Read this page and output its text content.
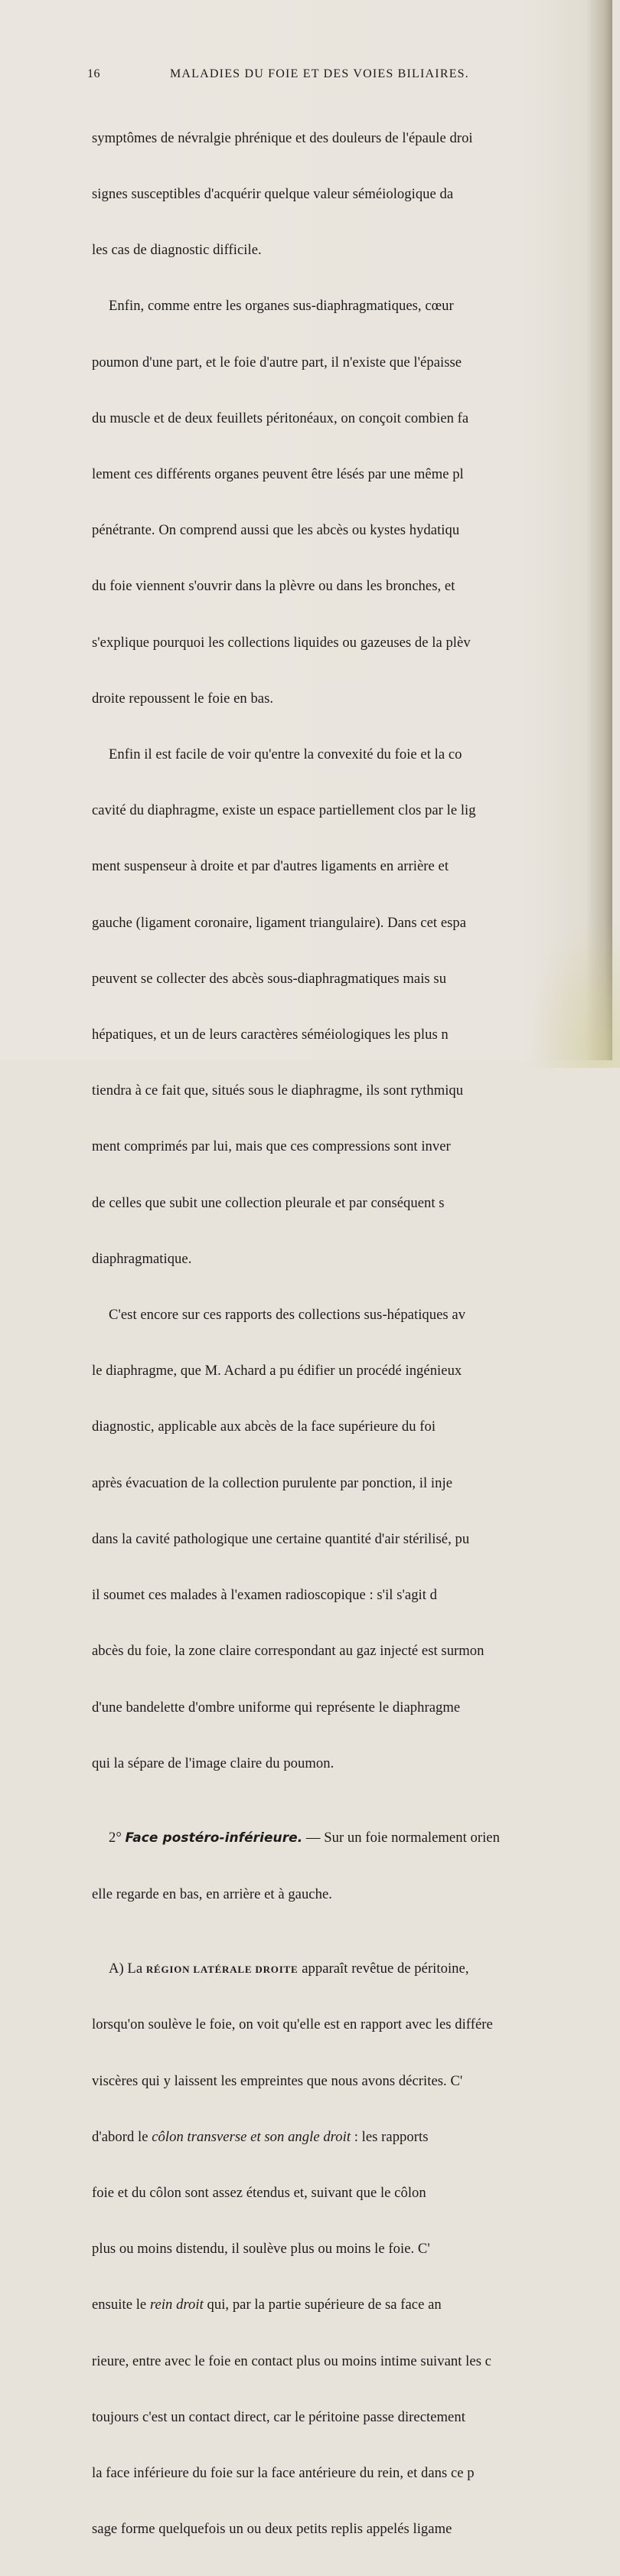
16	MALADIES DU FOIE ET DES VOIES BILIAIRES.

symptômes de névralgie phrénique et des douleurs de l'épaule droi

signes susceptibles d'acquérir quelque valeur séméiologique da

les cas de diagnostic difficile.

Enfin, comme entre les organes sus-diaphragmatiques, cœur

poumon d'une part, et le foie d'autre part, il n'existe que l'épaisse

du muscle et de deux feuillets péritonéaux, on conçoit combien fa

lement ces différents organes peuvent être lésés par une même pl

pénétrante. On comprend aussi que les abcès ou kystes hydatiqu

du foie viennent s'ouvrir dans la plèvre ou dans les bronches, et

s'explique pourquoi les collections liquides ou gazeuses de la plèv

droite repoussent le foie en bas.

Enfin il est facile de voir qu'entre la convexité du foie et la co

cavité du diaphragme, existe un espace partiellement clos par le lig

ment suspenseur à droite et par d'autres ligaments en arrière et

gauche (ligament coronaire, ligament triangulaire). Dans cet espa

peuvent se collecter des abcès sous-diaphragmatiques mais su

hépatiques, et un de leurs caractères séméiologiques les plus n

tiendra à ce fait que, situés sous le diaphragme, ils sont rythmiqu

ment comprimés par lui, mais que ces compressions sont inver

de celles que subit une collection pleurale et par conséquent s

diaphragmatique.

C'est encore sur ces rapports des collections sus-hépatiques av

le diaphragme, que M. Achard a pu édifier un procédé ingénieux

diagnostic, applicable aux abcès de la face supérieure du foi

après évacuation de la collection purulente par ponction, il inje

dans la cavité pathologique une certaine quantité d'air stérilisé, pu

il soumet ces malades à l'examen radioscopique : s'il s'agit d

abcès du foie, la zone claire correspondant au gaz injecté est surmon

d'une bandelette d'ombre uniforme qui représente le diaphragme

qui la sépare de l'image claire du poumon.

2° Face postéro-inférieure. — Sur un foie normalement orien

elle regarde en bas, en arrière et à gauche.

A) La RÉGION LATÉRALE DROITE apparaît revêtue de péritoine,

lorsqu'on soulève le foie, on voit qu'elle est en rapport avec les différe

viscères qui y laissent les empreintes que nous avons décrites. C'

d'abord le côlon transverse et son angle droit : les rapports

foie et du côlon sont assez étendus et, suivant que le côlon

plus ou moins distendu, il soulève plus ou moins le foie. C'

ensuite le rein droit qui, par la partie supérieure de sa face an

rieure, entre avec le foie en contact plus ou moins intime suivant les c

toujours c'est un contact direct, car le péritoine passe directement

la face inférieure du foie sur la face antérieure du rein, et dans ce p

sage forme quelquefois un ou deux petits replis appelés ligame
